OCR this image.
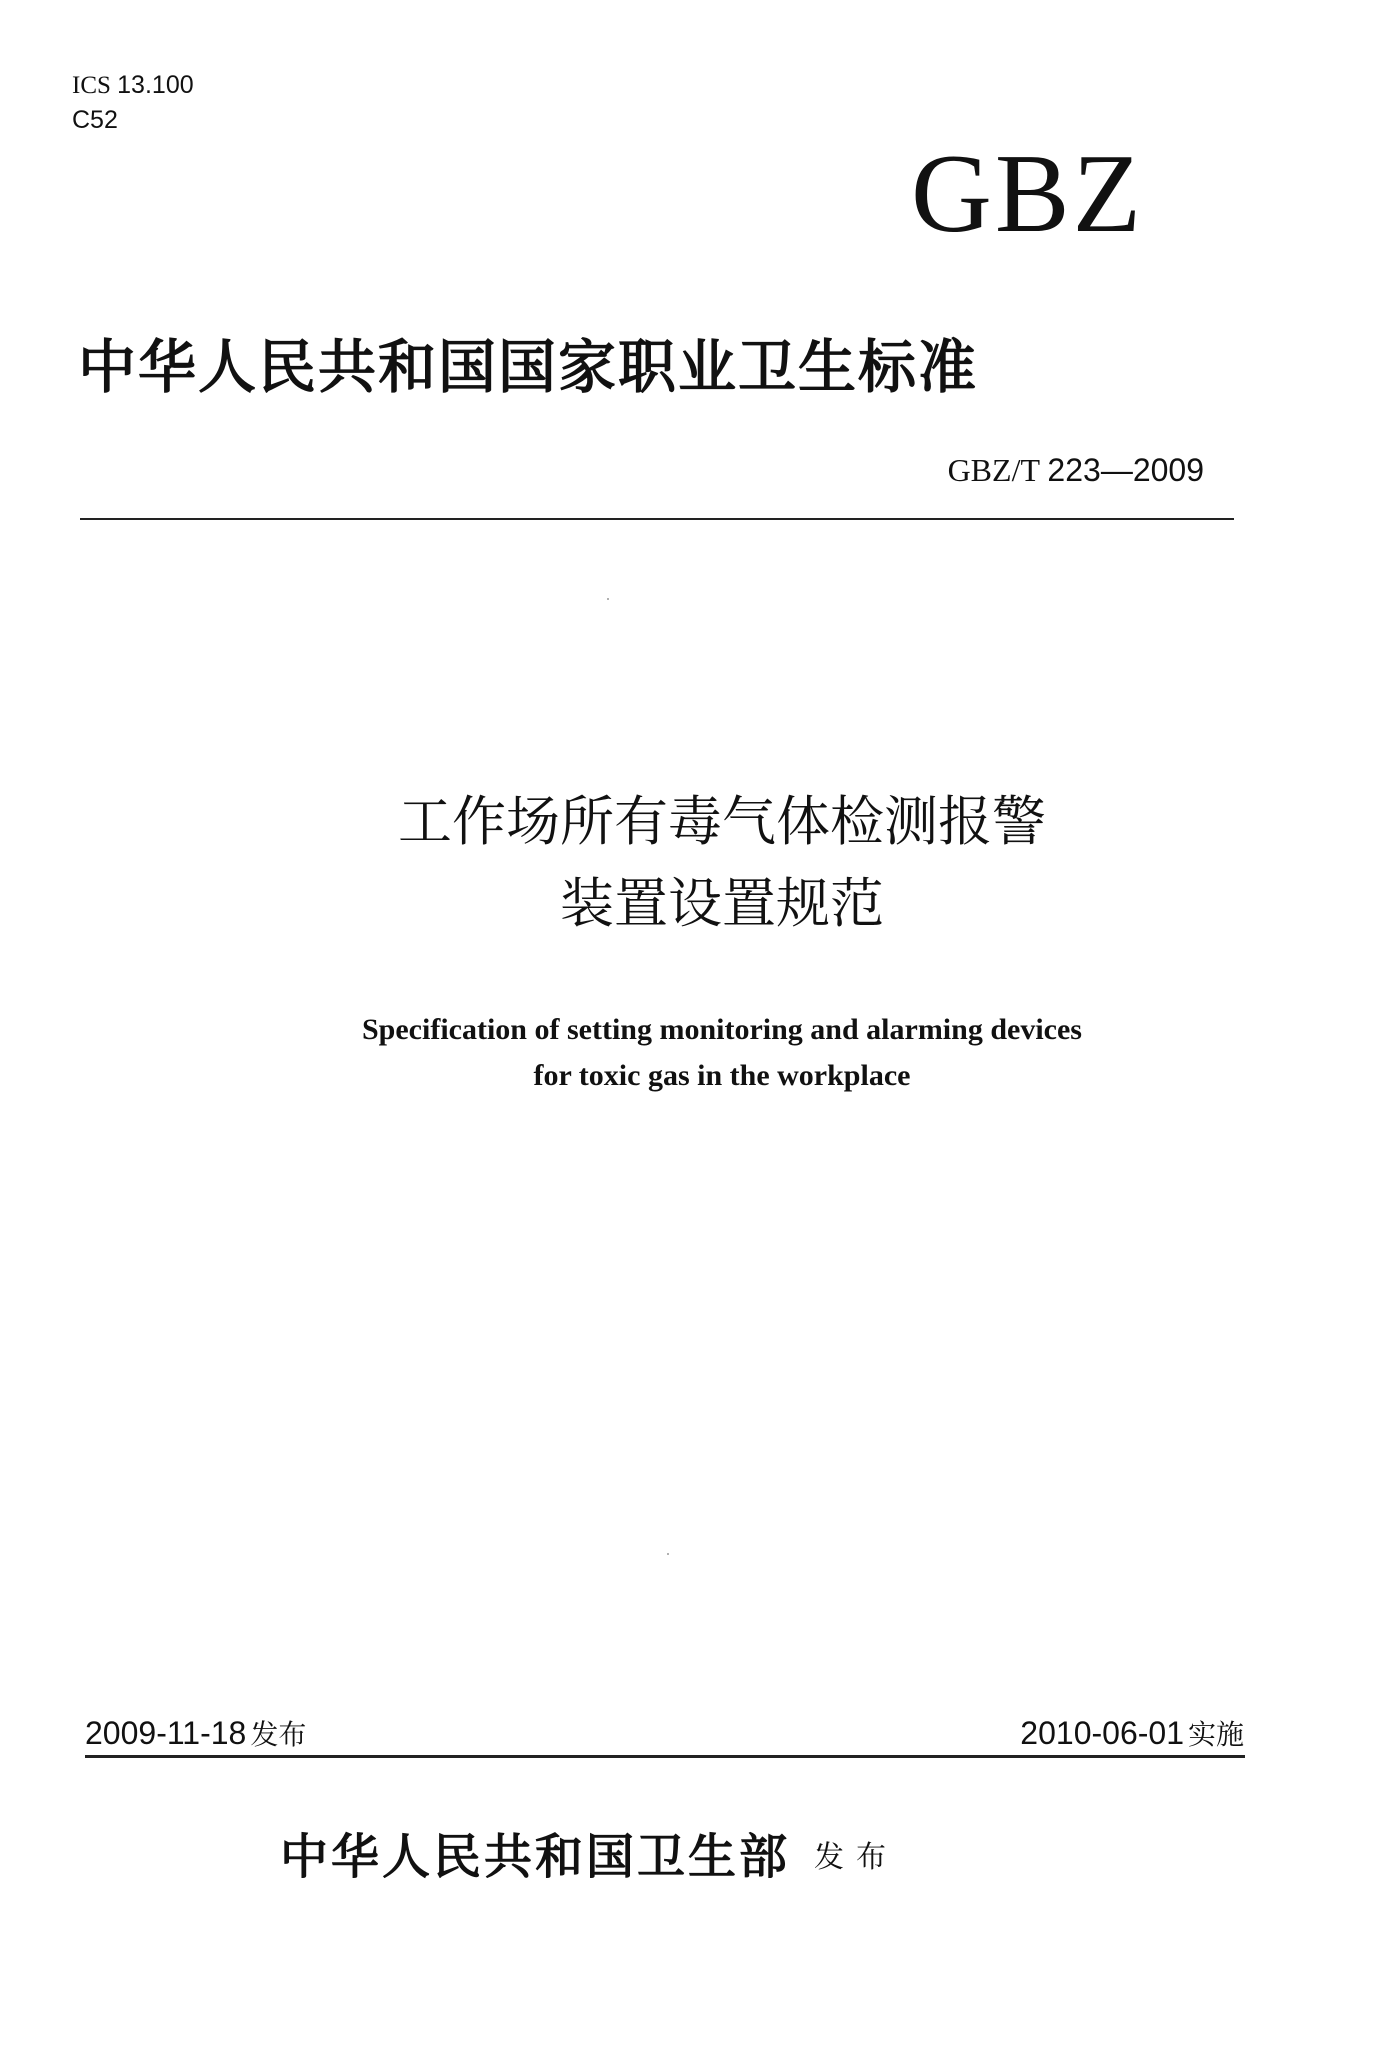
ICS 13.100
C52
GBZ
中华人民共和国国家职业卫生标准
GBZ/T 223—2009
工作场所有毒气体检测报警
装置设置规范
Specification of setting monitoring and alarming devices
for toxic gas in the workplace
2009-11-18 发布	2010-06-01 实施
中华人民共和国卫生部 发布
